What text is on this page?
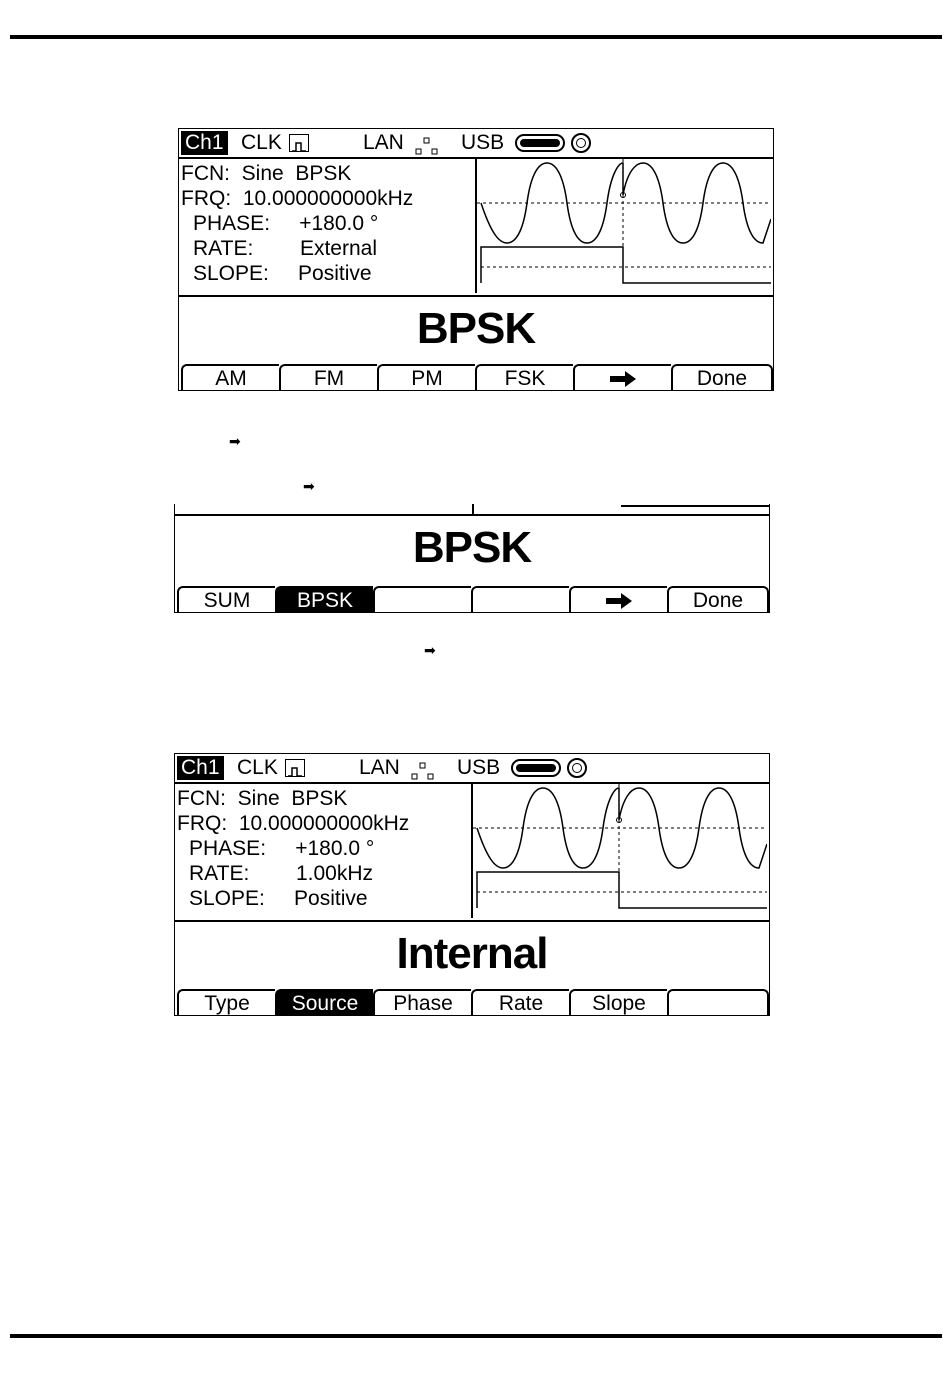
Ch1 CLK	LAN	USB
FCN:  Sine  BPSK
FRQ:  10.000000000kHz
PHASE:     +180.0 °
RATE:        External
SLOPE:     Positive
BPSK
AM	FM	PM	FSK	Done
➡
➡
BPSK
SUM	BPSK	Done
➡
Ch1 CLK	LAN	USB
FCN:  Sine  BPSK
FRQ:  10.000000000kHz
PHASE:     +180.0 °
RATE:        1.00kHz
SLOPE:     Positive
Internal
Type	Source	Phase	Rate	Slope
